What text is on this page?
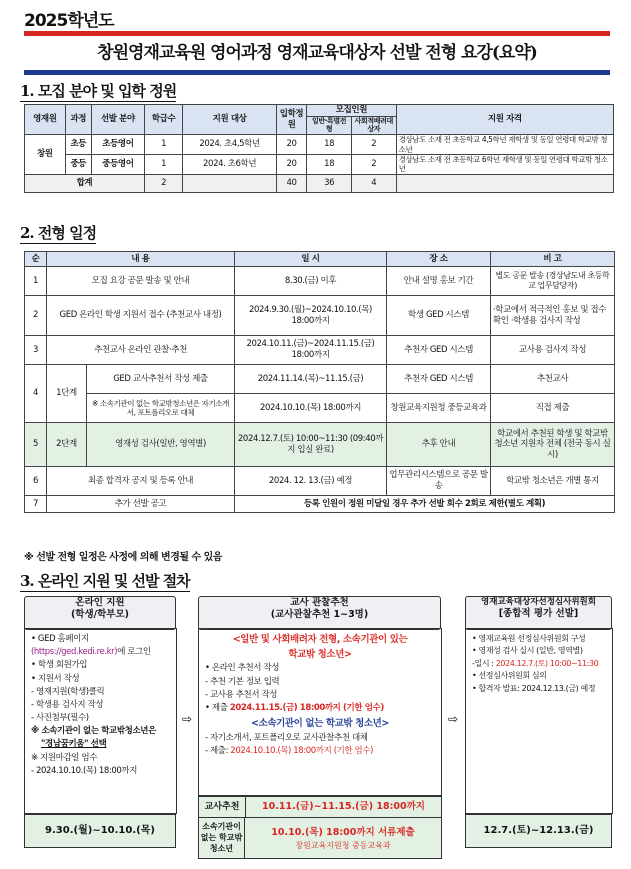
2025학년도
창원영재교육원 영어과정 영재교육대상자 선발 전형 요강(요약)
1. 모집 분야 및 입학 정원
영재원	과정	선발 분야	학급수	지원 대상	입학정원	모집인원		지원 자격
						일반·특별전형	사회적배려대상자	
창원	초등	초등영어	1	2024. 초4,5학년	20	18	2	경상남도 소재 전 초등학교 4,5학년 재학생 및 동일 연령대 학교밖 청소년
	중등	중등영어	1	2024. 초6학년	20	18	2	경상남도 소재 전 초등학교 6학년 재학생 및 동일 연령대 학교밖 청소년
합계			2		40	36	4	
2. 전형 일정
순	내 용		일 시	장 소	비 고
1	모집 요강 공문 발송 및 안내		8.30.(금) 이후	안내 설명 홍보 기간	별도 공문 발송 (경상남도내 초등학교 업무담당자)
2	GED 온라인 학생 지원서 접수 (추천교사 내정)		2024.9.30.(월)~2024.10.10.(목) 18:00까지	학생 GED 시스템	·학교에서 적극적인 홍보 및 접수 확인 ·학생용 검사지 작성
3	추천교사 온라인 관찰·추천		2024.10.11.(금)~2024.11.15.(금) 18:00까지	추천자 GED 시스템	교사용 검사지 작성
4	1단계	GED 교사추천서 작성 제출	2024.11.14.(목)~11.15.(금)	추천자 GED 시스템	추천교사
		※ 소속기관이 없는 학교밖청소년은 자기소개서, 포트폴리오로 대체	2024.10.10.(목) 18:00까지	창원교육지원청 중등교육과	직접 제출
5	2단계	영재성 검사(일반, 영역별)	2024.12.7.(토) 10:00~11:30 (09:40까지 입실 완료)	추후 안내	학교에서 추천된 학생 및 학교밖 청소년 지원자 전체 (전국 동시 실시)
6	최종 합격자 공지 및 등록 안내		2024. 12. 13.(금) 예정	업무관리시스템으로 공문 발송	학교밖 청소년은 개별 통지
7	추가 선발 공고		등록 인원이 정원 미달일 경우 추가 선발 회수 2회로 제한(별도 계획)		
※ 선발 전형 일정은 사정에 의해 변경될 수 있음
3. 온라인 지원 및 선발 절차
온라인 지원
(학생/학부모)
• GED 홈페이지
(https://ged.kedi.re.kr)에 로그인
• 학생 회원가입
• 지원서 작성
- 영재지원(학생)클릭
- 학생용 검사지 작성
- 사진첨부(필수)
※ 소속기관이 없는 학교밖청소년은
"경남꿈키움" 선택
※ 지원마감일 엄수
- 2024.10.10.(목) 18:00까지
9.30.(월)~10.10.(목)
⇨
교사 관찰추천
(교사관찰추천 1~3명)
<일반 및 사회배려자 전형, 소속기관이 있는
학교밖 청소년>
• 온라인 추천서 작성
- 추천 기본 정보 입력
- 교사용 추천서 작성
• 제출 2024.11.15.(금) 18:00까지 (기한 엄수)
<소속기관이 없는 학교밖 청소년>
- 자기소개서, 포트폴리오로 교사관찰추천 대체
- 제출: 2024.10.10.(목) 18:00까지 (기한 엄수)
교사추천	10.11.(금)~11.15.(금) 18:00까지
소속기관이 없는 학교밖 청소년
10.10.(목) 18:00까지 서류제출
창원교육지원청 중등교육과
⇨
영재교육대상자선정심사위원회
[종합적 평가 선발]
• 영재교육원 선정심사위원회 구성
• 영재성 검사 실시 (일반, 영역별)
-일시 : 2024.12.7.(토) 10:00~11:30
• 선정심사위원회 심의
• 합격자 발표: 2024.12.13.(금) 예정
12.7.(토)~12.13.(금)
